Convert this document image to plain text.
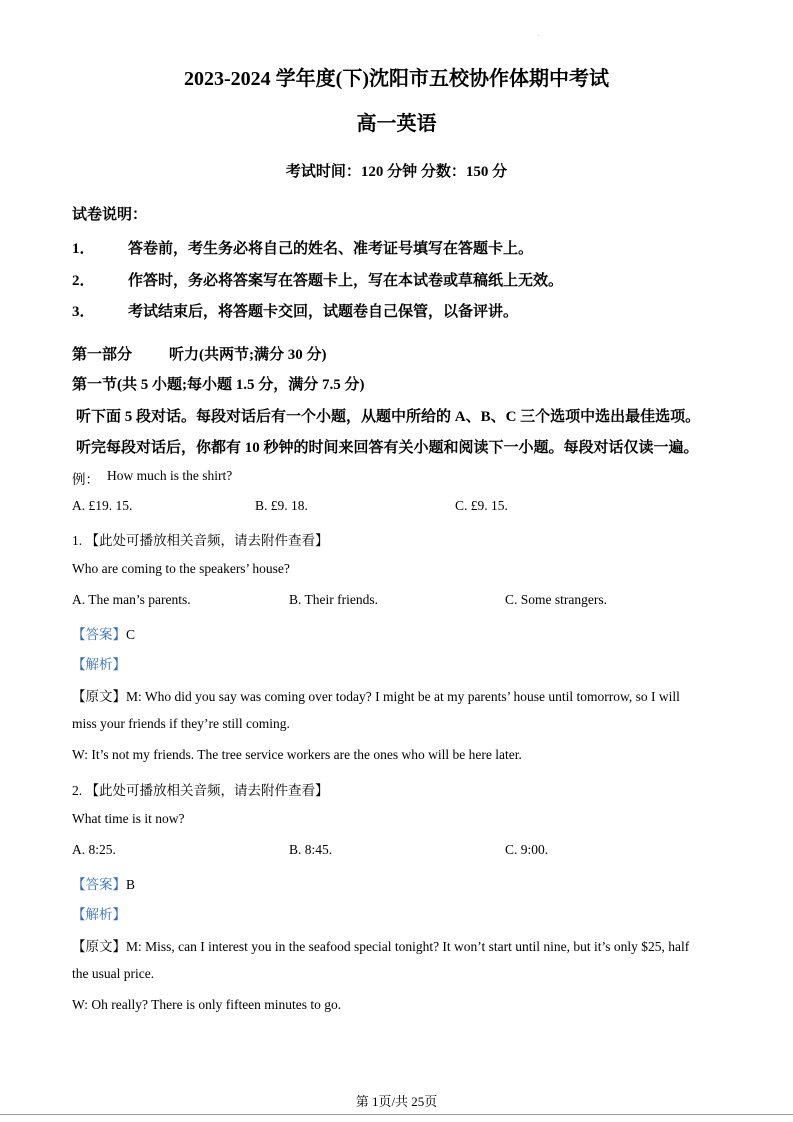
.
2023-2024 学年度(下)沈阳市五校协作体期中考试
高一英语
考试时间：120 分钟 分数：150 分
试卷说明：
1． 答卷前，考生务必将自己的姓名、准考证号填写在答题卡上。
2． 作答时，务必将答案写在答题卡上，写在本试卷或草稿纸上无效。
3． 考试结束后，将答题卡交回，试题卷自己保管，以备评讲。
第一部分 听力(共两节;满分 30 分)
第一节(共 5 小题;每小题 1.5 分，满分 7.5 分)
听下面 5 段对话。每段对话后有一个小题，从题中所给的 A、B、C 三个选项中选出最佳选项。
听完每段对话后，你都有 10 秒钟的时间来回答有关小题和阅读下一小题。每段对话仅读一遍。
例： How much is the shirt?
A. £19. 15.	B. £9. 18.	C. £9. 15.
1. 【此处可播放相关音频，请去附件查看】
Who are coming to the speakers’ house?
A. The man’s parents.	B. Their friends.	C. Some strangers.
【答案】C
【解析】
【原文】M: Who did you say was coming over today? I might be at my parents’ house until tomorrow, so I will
miss your friends if they’re still coming.
W: It’s not my friends. The tree service workers are the ones who will be here later.
2. 【此处可播放相关音频，请去附件查看】
What time is it now?
A. 8:25.	B. 8:45.	C. 9:00.
【答案】B
【解析】
【原文】M: Miss, can I interest you in the seafood special tonight? It won’t start until nine, but it’s only $25, half
the usual price.
W: Oh really? There is only fifteen minutes to go.
第 1页/共 25页
